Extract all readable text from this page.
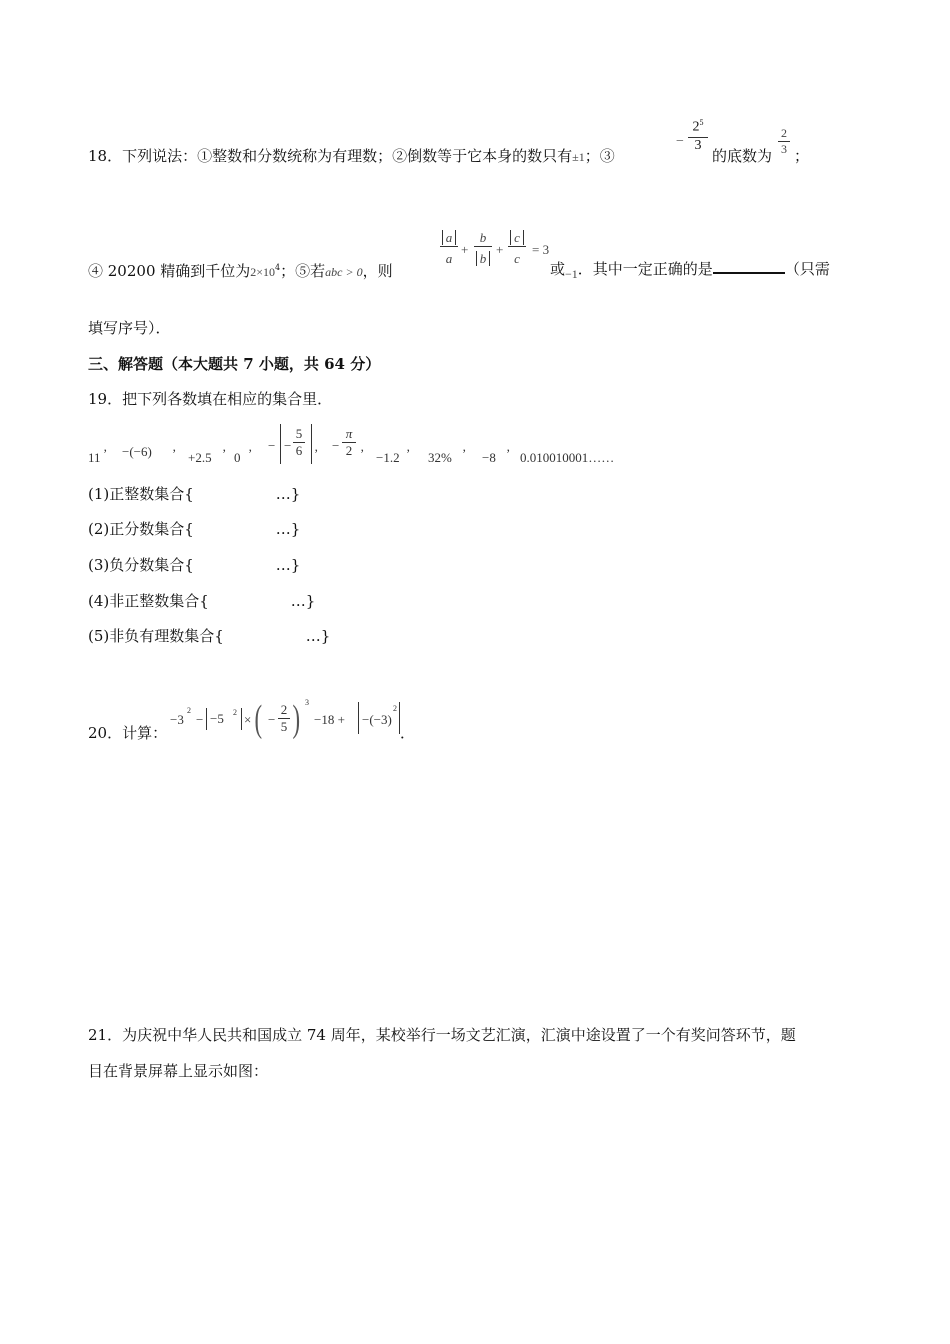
18．下列说法：①整数和分数统称为有理数；②倒数等于它本身的数只有±1；③
−
$2^5$
3
的底数为
2
3 ；
④ 20200 精确到千位为$2\times 10^4$；⑤若abc > 0，则
a
a
+
b
b
+
c
c
= 3
或$_{-1}$．其中一定正确的是	（只需
填写序号）．
三、解答题（本大题共 7 小题，共 64 分）
19．把下列各数填在相应的集合里．
11 ’ −(−6) ’ +2.5 ’ 0 ’
− −
5
6 ’
−
π
2 ’ −1.2 ’ 32% ’ −8 ’ 0.010010001……
(1)正整数集合{	…}
(2)正分数集合{	…}
(3)负分数集合{	…}
(4)非正整数集合{	…}
(5)非负有理数集合{	…}
20．计算：
−3
2
− −5 2 × ( −
2
5 ) 3
−18 + −(−3)
2
．
21．为庆祝中华人民共和国成立 74 周年，某校举行一场文艺汇演，汇演中途设置了一个有奖问答环节，题
目在背景屏幕上显示如图：
